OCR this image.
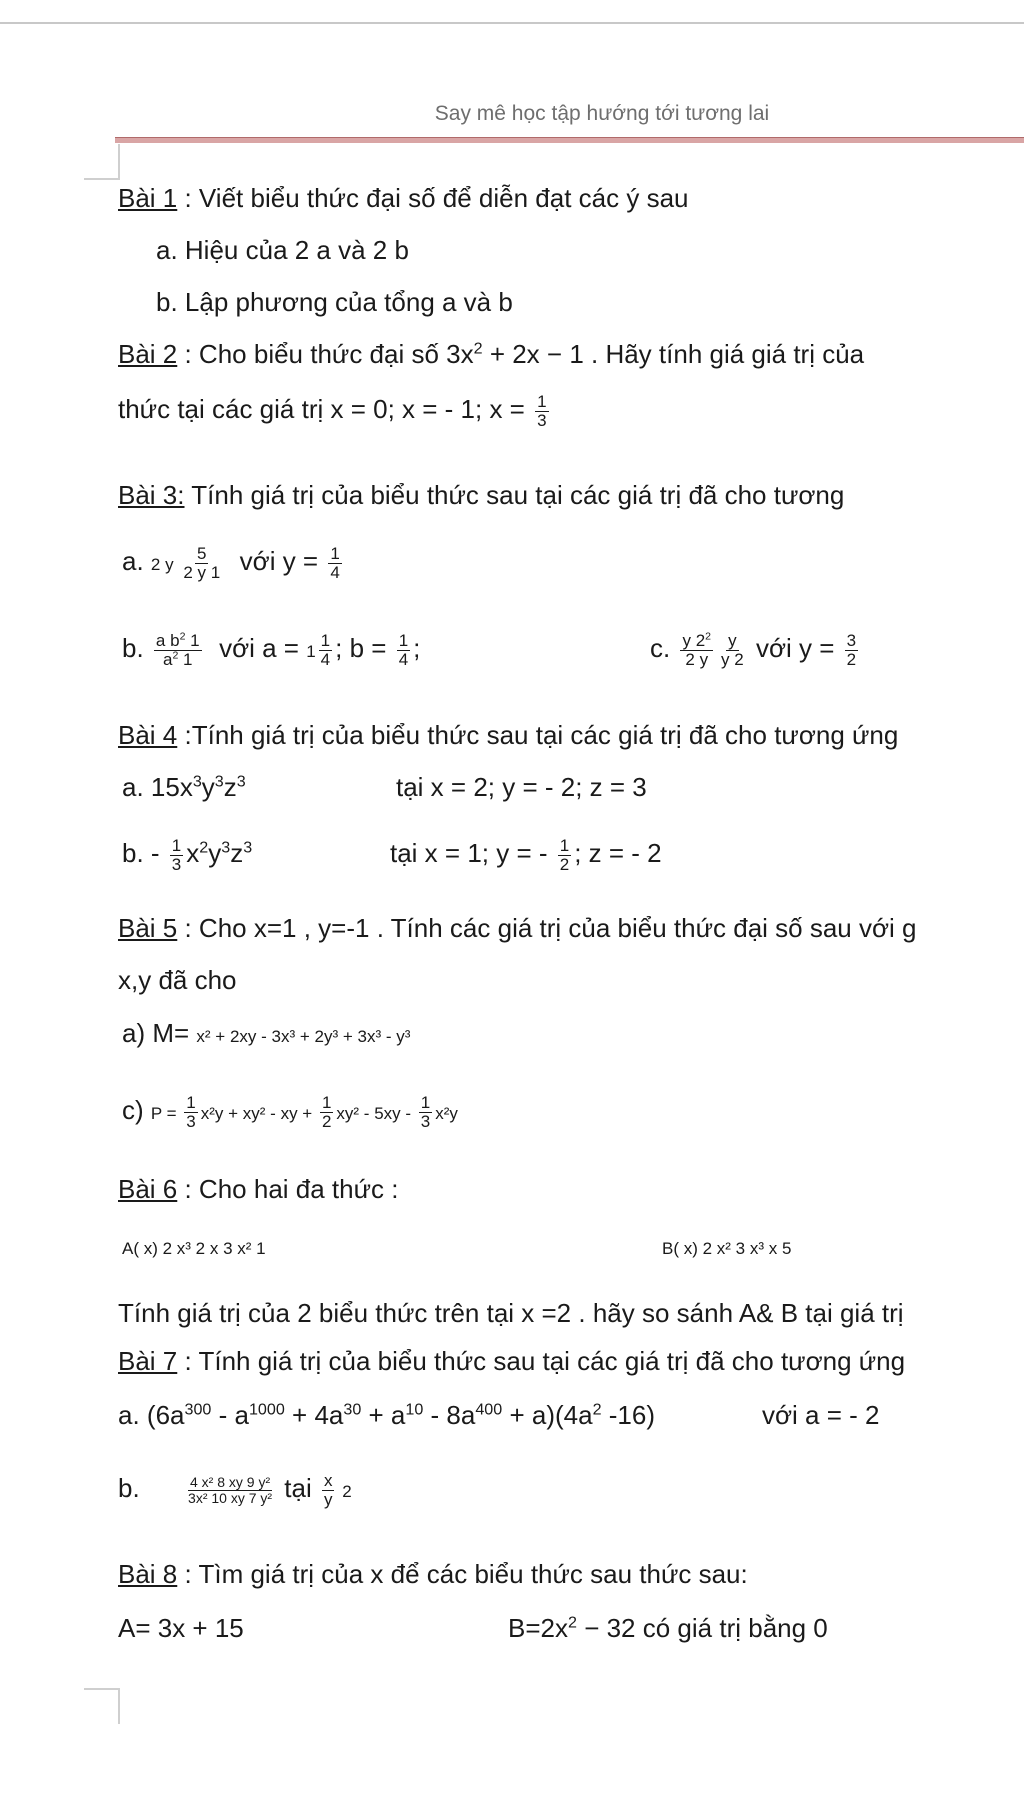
Say mê học tập hướng tới tương lai
Bài 1 : Viết biểu thức đại số để diễn đạt các ý sau
a. Hiệu của 2 a và 2 b
b. Lập phương của tổng a và b
Bài 2 : Cho biểu thức đại số $3x^2 + 2x - 1$ . Hãy tính giá giá trị của
thức tại các giá trị x = 0; x = - 1; $x = \frac{1}{3}$
Bài 3: Tính giá trị của biểu thức sau tại các giá trị đã cho tương
a. 2 y $\frac{5}{2 y 1}$ với $y = \frac{1}{4}$
b. $\frac{a b^2 1}{a^2 1}$ với $a = 1 \frac{1}{4}$ ; $b = \frac{1}{4}$ ;	c. $\frac{y 2^2}{2 y} \frac{y}{y 2}$ với $y = \frac{3}{2}$
Bài 4 :Tính giá trị của biểu thức sau tại các giá trị đã cho tương ứng
a. $15x^3y^3z^3$	tại x = 2; y = - 2; z = 3
b. - $\frac{1}{3} x^2y^3z^3$	tại x = 1; y = - $\frac{1}{2}$ ; z = - 2
Bài 5 : Cho x=1 , y=-1 . Tính các giá trị của biểu thức đại số sau với g
x,y đã cho
a) M= x² + 2xy - 3x³ + 2y³ + 3x³ - y³
c) $P = \frac{1}{3} x^2y + xy^2$ - xy + $\frac{1}{2} xy^2 - 5xy - \frac{1}{3} x^2y$
Bài 6 : Cho hai đa thức :
A( x) 2 x³ 2 x 3 x² 1	B( x) 2 x² 3 x³ x 5
Tính giá trị của 2 biểu thức trên tại x =2 . hãy so sánh A& B tại giá trị
Bài 7 : Tính giá trị của biểu thức sau tại các giá trị đã cho tương ứng
a. $(6a^{300} - a^{1000} + 4a^{30} + a^{10} - 8a^{400} + a)(4a^2$ -16)	với a = - 2
b.	$\frac{\text{4 x² 8 xy 9 y²}}{\text{3x² 10 xy 7 y²}}$ tại $\frac{x}{y} 2$
Bài 8 : Tìm giá trị của x để các biểu thức sau thức sau:
A= 3x + 15	$B=2x^2 - 32$ có giá trị bằng 0
